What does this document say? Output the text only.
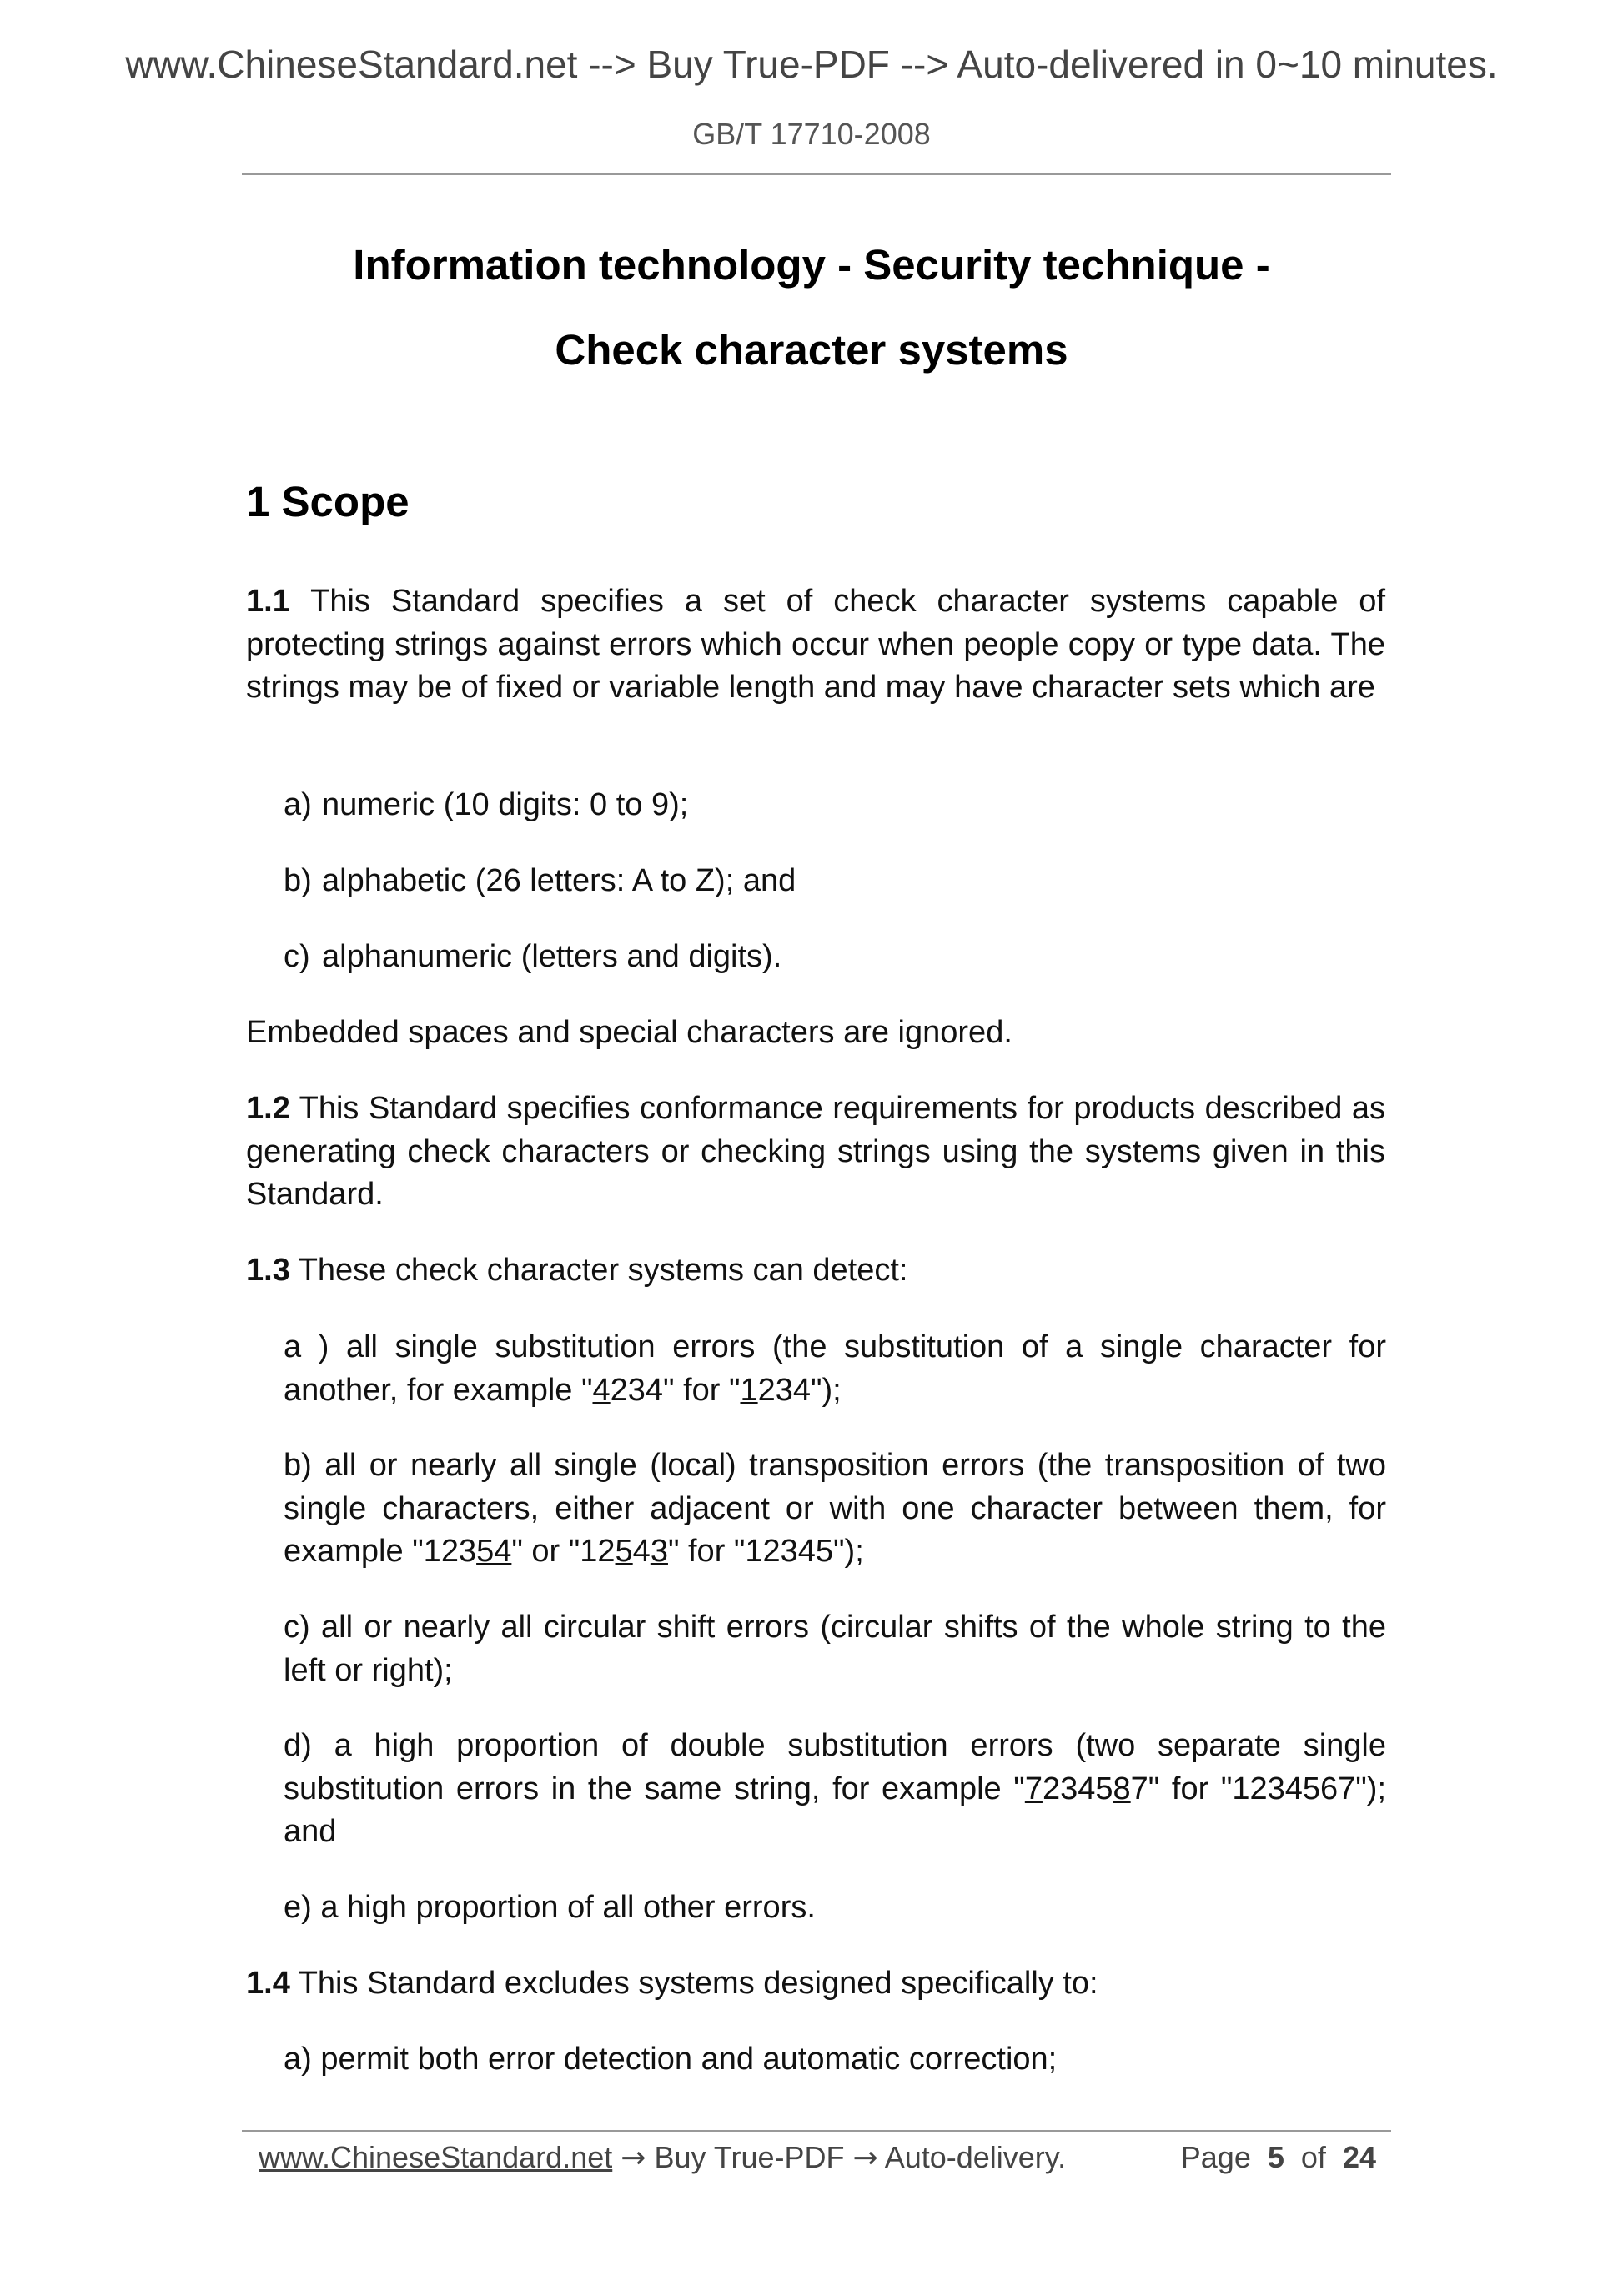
www.ChineseStandard.net --> Buy True-PDF --> Auto-delivered in 0~10 minutes.
GB/T 17710-2008
Information technology - Security technique -
Check character systems
1 Scope
1.1 This Standard specifies a set of check character systems capable of protecting strings against errors which occur when people copy or type data. The strings may be of fixed or variable length and may have character sets which are
a) numeric (10 digits: 0 to 9);
b) alphabetic (26 letters: A to Z); and
c) alphanumeric (letters and digits).
Embedded spaces and special characters are ignored.
1.2 This Standard specifies conformance requirements for products described as generating check characters or checking strings using the systems given in this Standard.
1.3 These check character systems can detect:
a ) all single substitution errors (the substitution of a single character for another, for example "4234" for "1234");
b) all or nearly all single (local) transposition errors (the transposition of two single characters, either adjacent or with one character between them, for example "12354" or "12543" for "12345");
c) all or nearly all circular shift errors (circular shifts of the whole string to the left or right);
d) a high proportion of double substitution errors (two separate single substitution errors in the same string, for example "7234587" for "1234567"); and
e) a high proportion of all other errors.
1.4 This Standard excludes systems designed specifically to:
a) permit both error detection and automatic correction;
www.ChineseStandard.net → Buy True-PDF → Auto-delivery.	Page 5 of 24
